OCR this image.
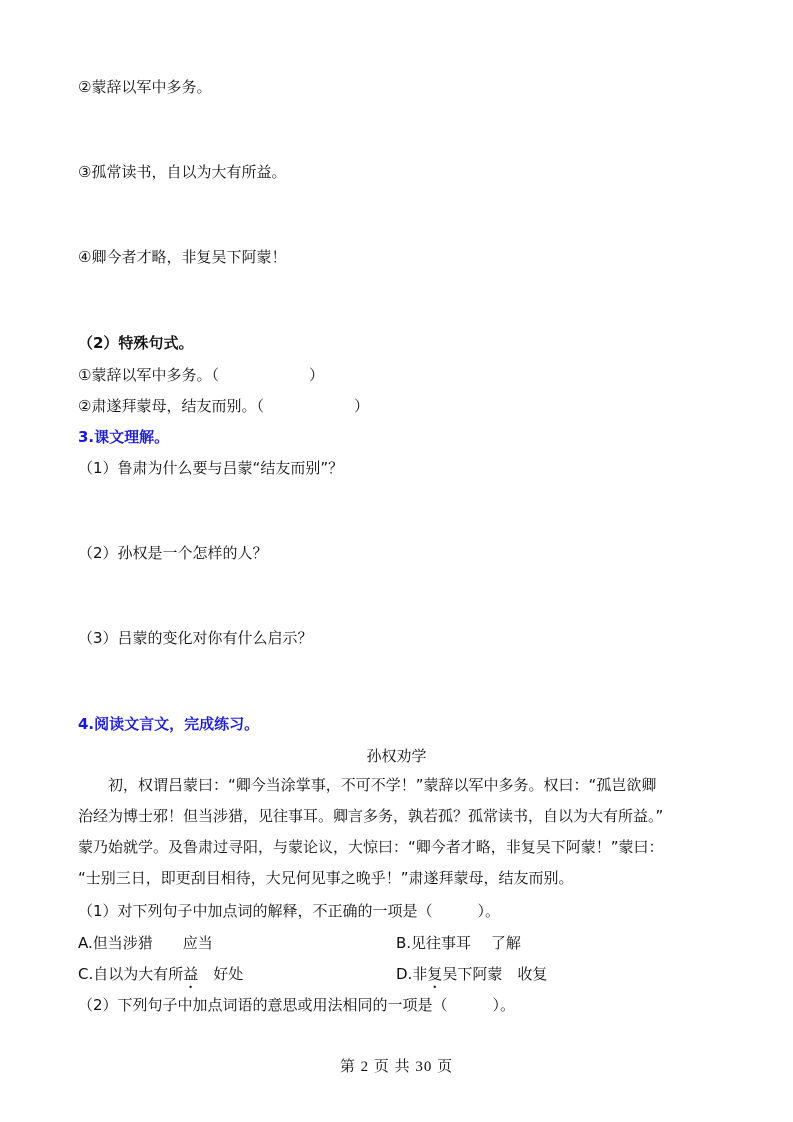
②蒙辞以军中多务。
③孤常读书，自以为大有所益。
④卿今者才略，非复吴下阿蒙！
（2）特殊句式。
①蒙辞以军中多务。（　　　　　　）
②肃遂拜蒙母，结友而别。（　　　　　　）
3.课文理解。
（1）鲁肃为什么要与吕蒙“结友而别”？
（2）孙权是一个怎样的人？
（3）吕蒙的变化对你有什么启示？
4.阅读文言文，完成练习。
孙权劝学
　　初，权谓吕蒙曰：“卿今当涂掌事，不可不学！”蒙辞以军中多务。权曰：“孤岂欲卿
治经为博士邪！但当涉猎，见往事耳。卿言多务，孰若孤？孤常读书，自以为大有所益。”
蒙乃始就学。及鲁肃过寻阳，与蒙论议，大惊曰：“卿今者才略，非复吴下阿蒙！”蒙曰：
“士别三日，即更刮目相待，大兄何见事之晚乎！”肃遂拜蒙母，结友而别。
（1）对下列句子中加点词的解释，不正确的一项是（　　　）。
A.但当涉猎　　应当	B.见往事耳　 了解
C.自以为大有所益　好处	D.非复吴下阿蒙　收复
（2）下列句子中加点词语的意思或用法相同的一项是（　　　）。
第 2 页 共 30 页
